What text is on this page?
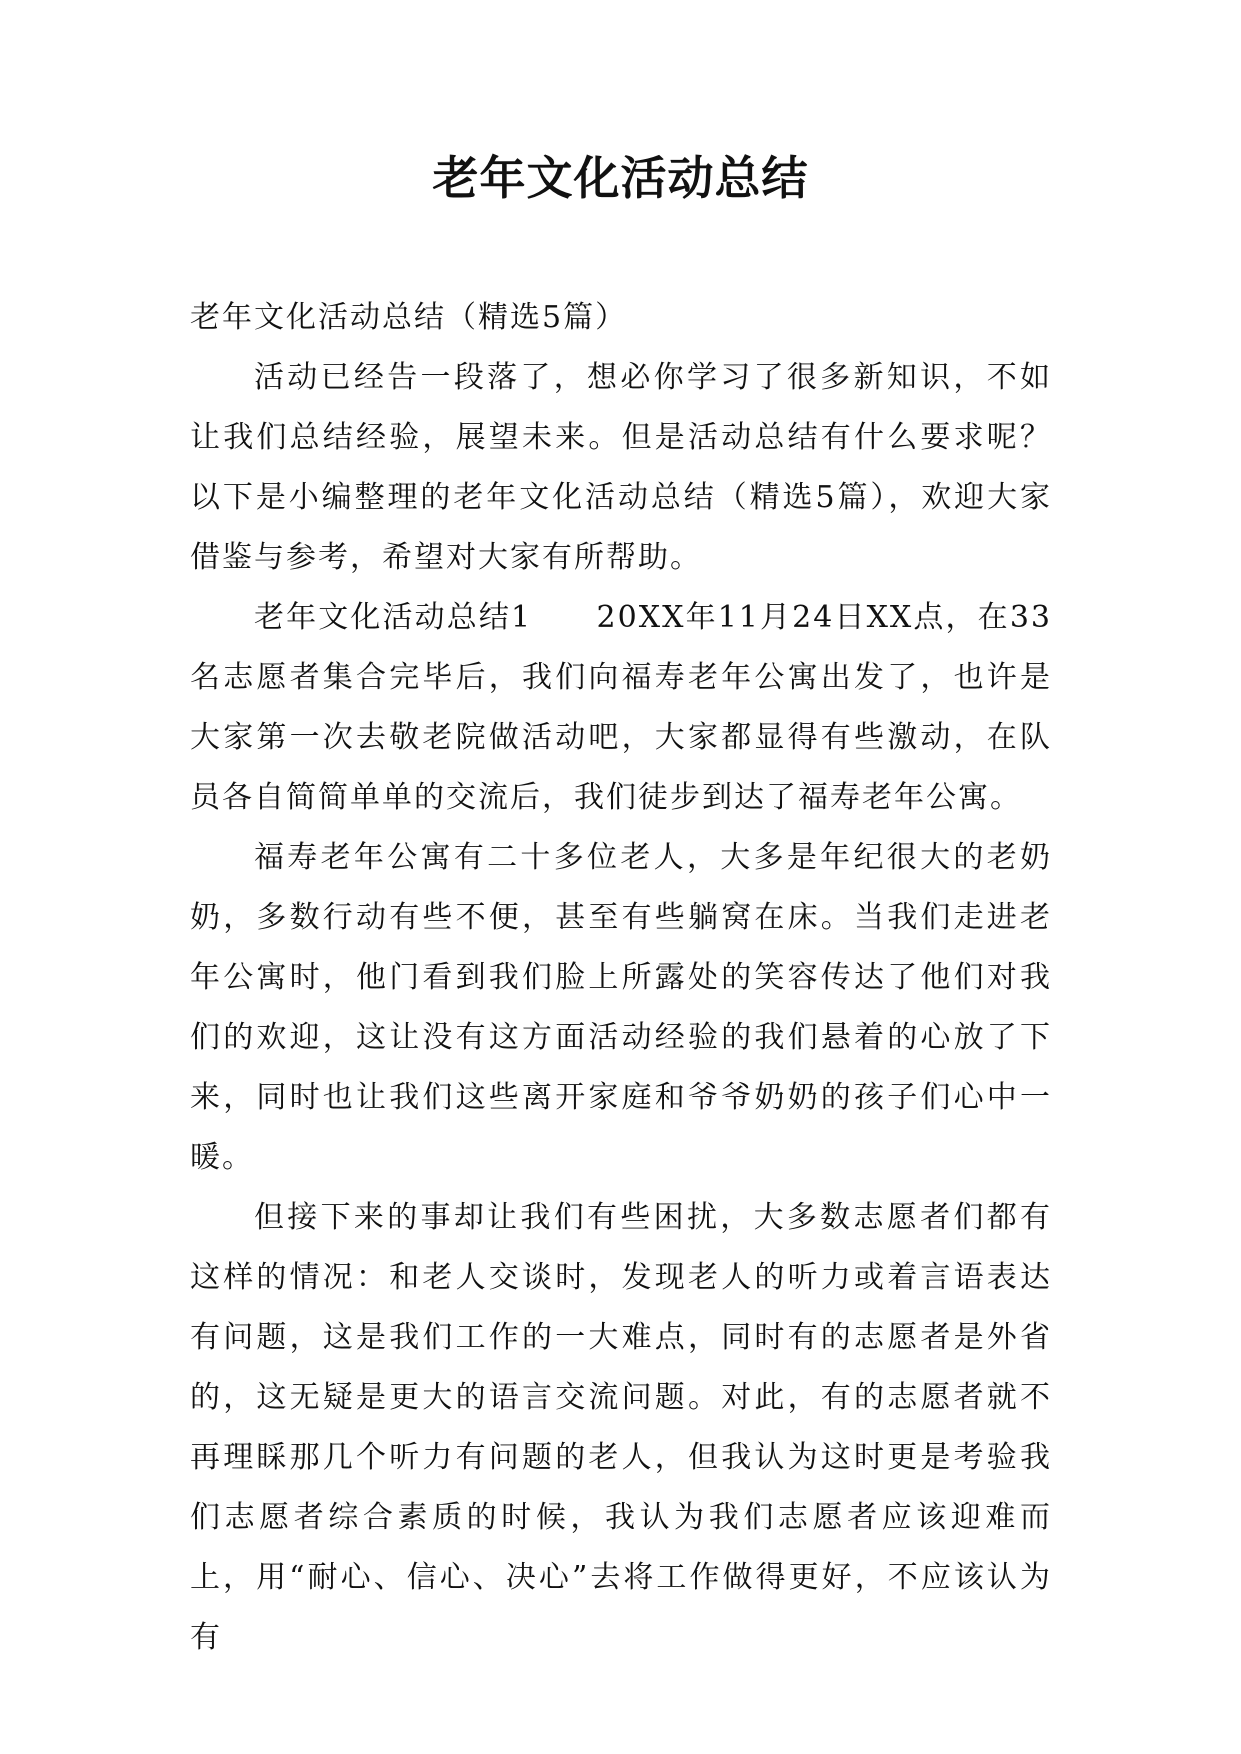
老年文化活动总结

老年文化活动总结（精选5篇）

活动已经告一段落了，想必你学习了很多新知识，不如让我们总结经验，展望未来。但是活动总结有什么要求呢？以下是小编整理的老年文化活动总结（精选5篇），欢迎大家借鉴与参考，希望对大家有所帮助。

老年文化活动总结1　　20XX年11月24日XX点，在33名志愿者集合完毕后，我们向福寿老年公寓出发了，也许是大家第一次去敬老院做活动吧，大家都显得有些激动，在队员各自简简单单的交流后，我们徒步到达了福寿老年公寓。

福寿老年公寓有二十多位老人，大多是年纪很大的老奶奶，多数行动有些不便，甚至有些躺窝在床。当我们走进老年公寓时，他门看到我们脸上所露处的笑容传达了他们对我们的欢迎，这让没有这方面活动经验的我们悬着的心放了下来，同时也让我们这些离开家庭和爷爷奶奶的孩子们心中一暖。

但接下来的事却让我们有些困扰，大多数志愿者们都有这样的情况：和老人交谈时，发现老人的听力或着言语表达有问题，这是我们工作的一大难点，同时有的志愿者是外省的，这无疑是更大的语言交流问题。对此，有的志愿者就不再理睬那几个听力有问题的老人，但我认为这时更是考验我们志愿者综合素质的时候，我认为我们志愿者应该迎难而上，用“耐心、信心、决心”去将工作做得更好，不应该认为有
